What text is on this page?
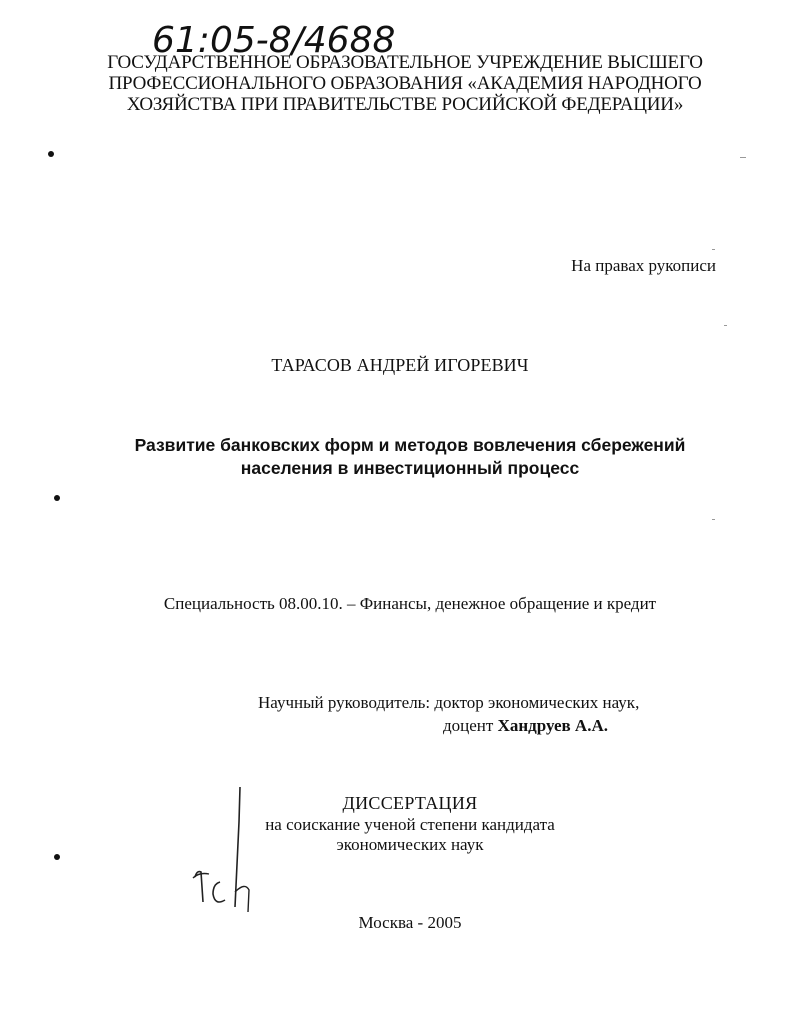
61:05-8/4688
ГОСУДАРСТВЕННОЕ ОБРАЗОВАТЕЛЬНОЕ УЧРЕЖДЕНИЕ ВЫСШЕГО
ПРОФЕССИОНАЛЬНОГО ОБРАЗОВАНИЯ «АКАДЕМИЯ НАРОДНОГО
ХОЗЯЙСТВА ПРИ ПРАВИТЕЛЬСТВЕ РОСИЙСКОЙ ФЕДЕРАЦИИ»
На правах рукописи
ТАРАСОВ АНДРЕЙ ИГОРЕВИЧ
Развитие банковских форм и методов вовлечения сбережений
населения в инвестиционный процесс
Специальность 08.00.10. – Финансы, денежное обращение и кредит
Научный руководитель: доктор экономических наук,
доцент Хандруев А.А.
ДИССЕРТАЦИЯ
на соискание ученой степени кандидата
экономических наук
Москва - 2005
